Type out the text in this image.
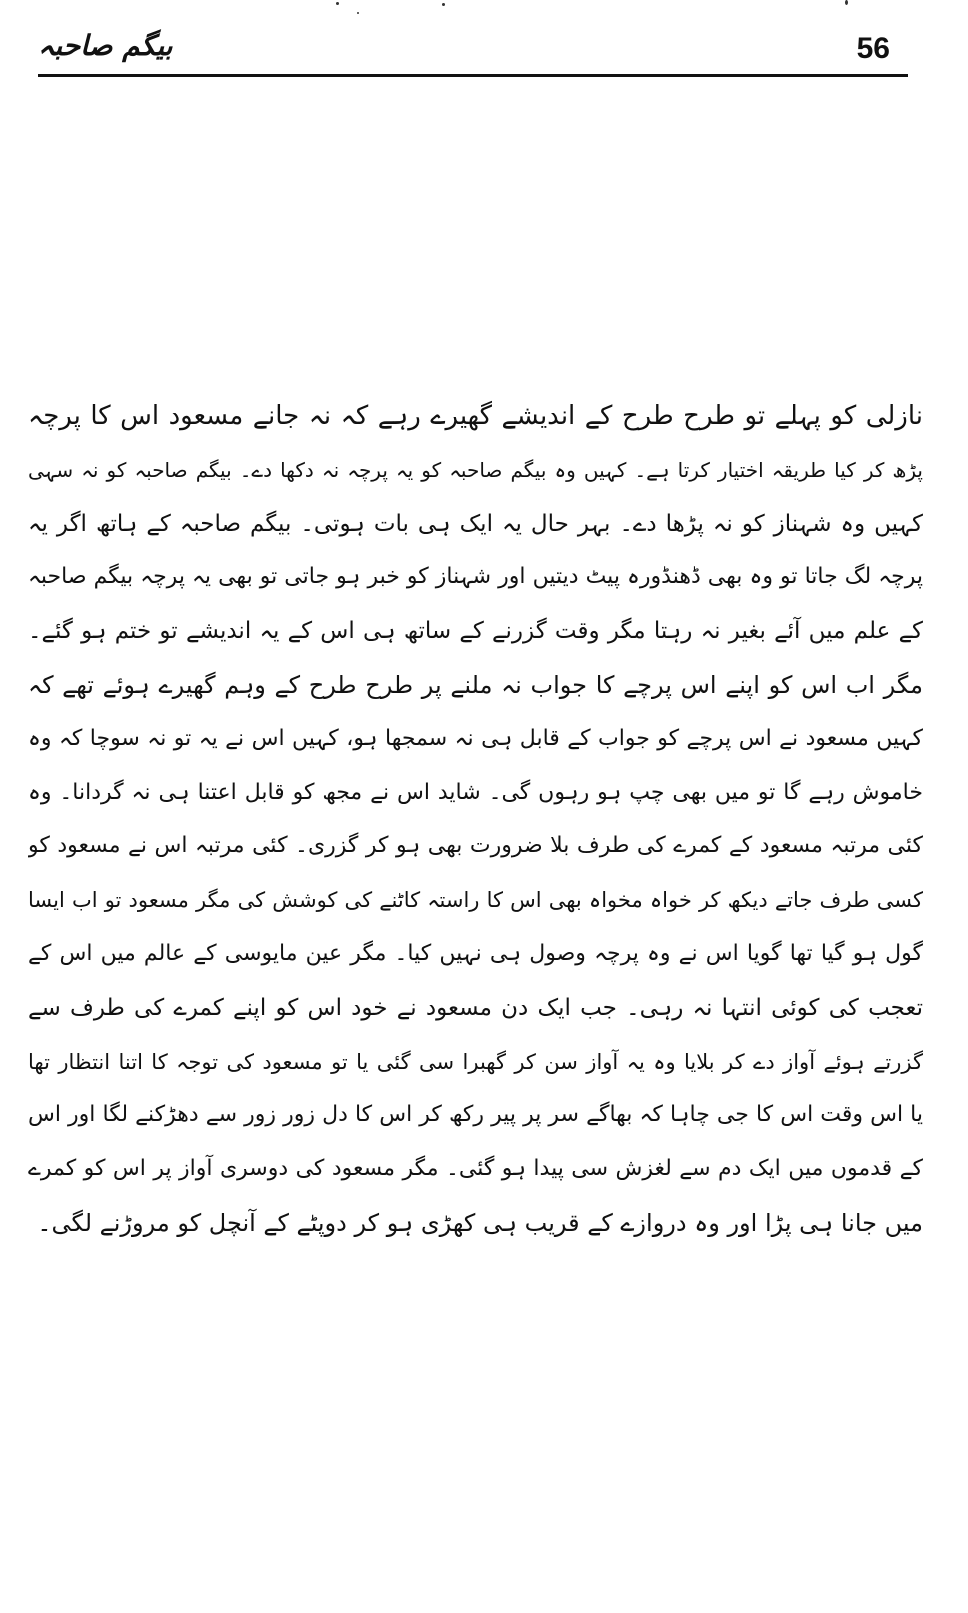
بیگم صاحبہ	56
نازلی کو پہلے تو طرح طرح کے اندیشے گھیرے رہے کہ نہ جانے مسعود اس کا پرچہ
پڑھ کر کیا طریقہ اختیار کرتا ہے۔ کہیں وہ بیگم صاحبہ کو یہ پرچہ نہ دکھا دے۔ بیگم صاحبہ کو نہ سہی
کہیں وہ شہناز کو نہ پڑھا دے۔ بہر حال یہ ایک ہی بات ہوتی۔ بیگم صاحبہ کے ہاتھ اگر یہ
پرچہ لگ جاتا تو وہ بھی ڈھنڈورہ پیٹ دیتیں اور شہناز کو خبر ہو جاتی تو بھی یہ پرچہ بیگم صاحبہ
کے علم میں آئے بغیر نہ رہتا مگر وقت گزرنے کے ساتھ ہی اس کے یہ اندیشے تو ختم ہو گئے۔
مگر اب اس کو اپنے اس پرچے کا جواب نہ ملنے پر طرح طرح کے وہم گھیرے ہوئے تھے کہ
کہیں مسعود نے اس پرچے کو جواب کے قابل ہی نہ سمجھا ہو، کہیں اس نے یہ تو نہ سوچا کہ وہ
خاموش رہے گا تو میں بھی چپ ہو رہوں گی۔ شاید اس نے مجھ کو قابل اعتنا ہی نہ گردانا۔ وہ
کئی مرتبہ مسعود کے کمرے کی طرف بلا ضرورت بھی ہو کر گزری۔ کئی مرتبہ اس نے مسعود کو
کسی طرف جاتے دیکھ کر خواہ مخواہ بھی اس کا راستہ کاٹنے کی کوشش کی مگر مسعود تو اب ایسا
گول ہو گیا تھا گویا اس نے وہ پرچہ وصول ہی نہیں کیا۔ مگر عین مایوسی کے عالم میں اس کے
تعجب کی کوئی انتہا نہ رہی۔ جب ایک دن مسعود نے خود اس کو اپنے کمرے کی طرف سے
گزرتے ہوئے آواز دے کر بلایا وہ یہ آواز سن کر گھبرا سی گئی یا تو مسعود کی توجہ کا اتنا انتظار تھا
یا اس وقت اس کا جی چاہا کہ بھاگے سر پر پیر رکھ کر اس کا دل زور زور سے دھڑکنے لگا اور اس
کے قدموں میں ایک دم سے لغزش سی پیدا ہو گئی۔ مگر مسعود کی دوسری آواز پر اس کو کمرے
میں جانا ہی پڑا اور وہ دروازے کے قریب ہی کھڑی ہو کر دوپٹے کے آنچل کو مروڑنے لگی۔
